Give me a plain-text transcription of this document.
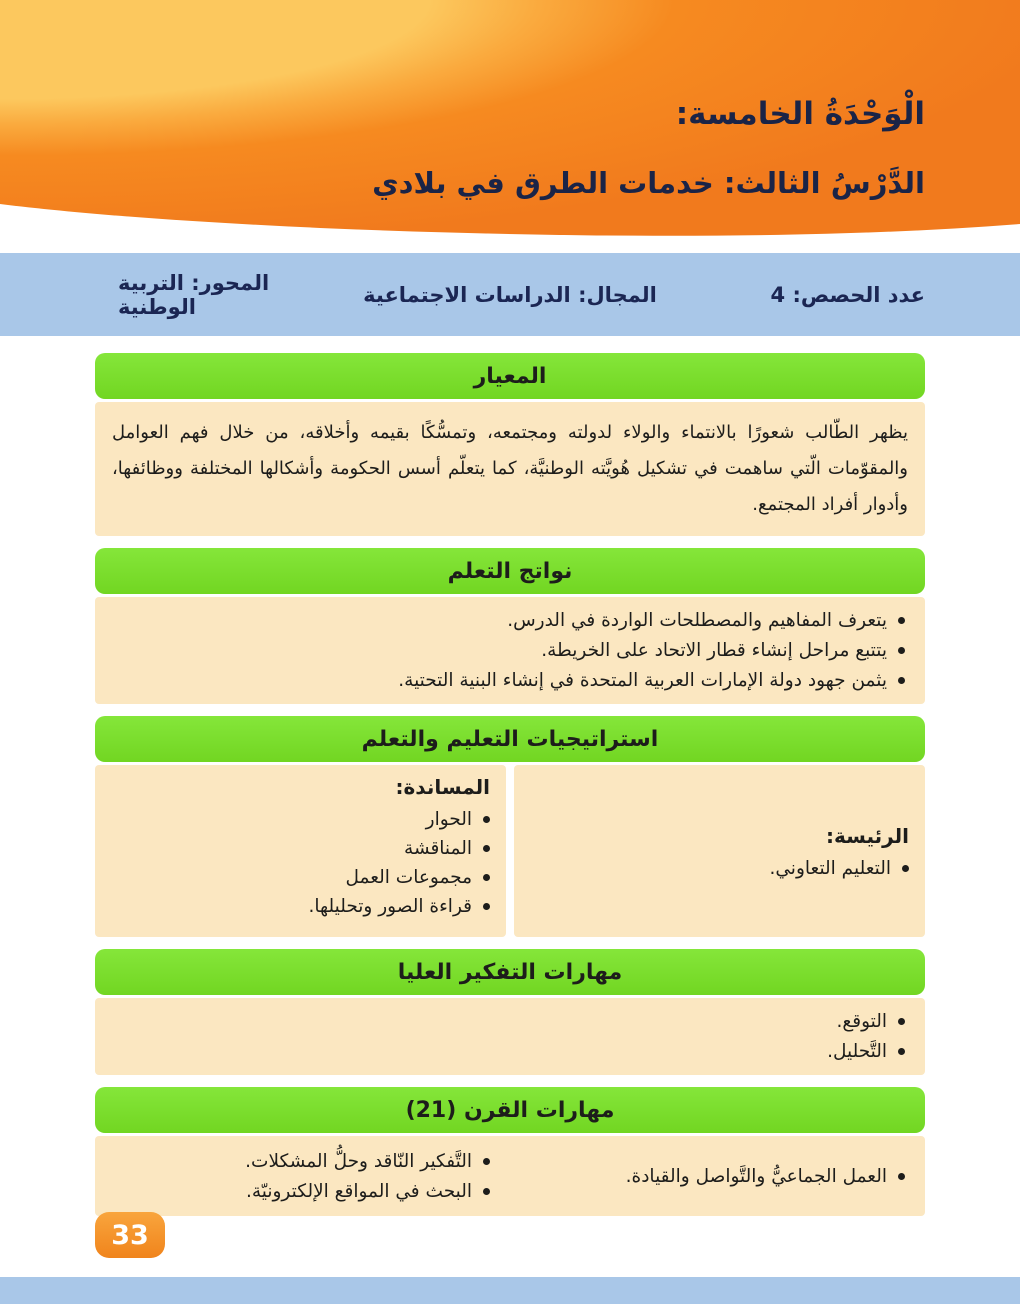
الْوَحْدَةُ الخامسة:
الدَّرْسُ الثالث: خدمات الطرق في بلادي
عدد الحصص: 4
المجال: الدراسات الاجتماعية
المحور: التربية الوطنية
المعيار
يظهر الطّالب شعورًا بالانتماء والولاء لدولته ومجتمعه، وتمسُّكًا بقيمه وأخلاقه، من خلال فهم العوامل والمقوّمات الّتي ساهمت في تشكيل هُويَّته الوطنيَّة، كما يتعلّم أسس الحكومة وأشكالها المختلفة ووظائفها، وأدوار أفراد المجتمع.
نواتج التعلم
يتعرف المفاهيم والمصطلحات الواردة في الدرس.
يتتبع مراحل إنشاء قطار الاتحاد على الخريطة.
يثمن جهود دولة الإمارات العربية المتحدة في إنشاء البنية التحتية.
استراتيجيات التعليم والتعلم
الرئيسة:
التعليم التعاوني.
المساندة:
الحوار
المناقشة
مجموعات العمل
قراءة الصور وتحليلها.
مهارات التفكير العليا
التوقع.
التَّحليل.
مهارات القرن (21)
العمل الجماعيُّ والتَّواصل والقيادة.
التَّفكير النّاقد وحلُّ المشكلات.
البحث في المواقع الإلكترونيّة.
33
